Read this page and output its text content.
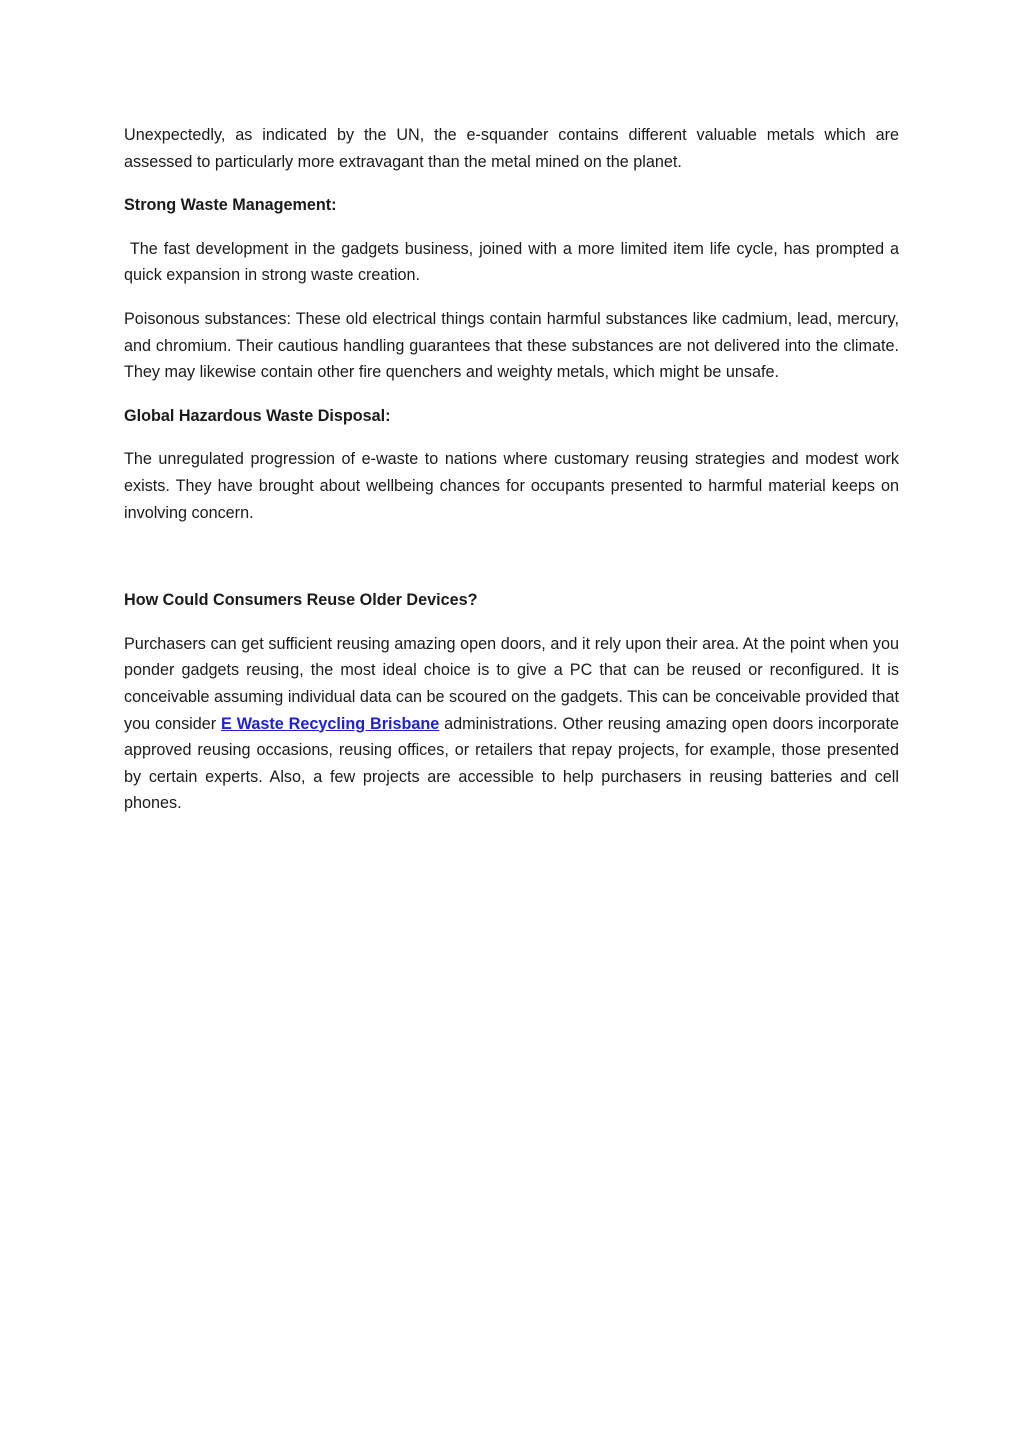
Unexpectedly, as indicated by the UN, the e-squander contains different valuable metals which are assessed to particularly more extravagant than the metal mined on the planet.

Strong Waste Management:

The fast development in the gadgets business, joined with a more limited item life cycle, has prompted a quick expansion in strong waste creation.

Poisonous substances: These old electrical things contain harmful substances like cadmium, lead, mercury, and chromium. Their cautious handling guarantees that these substances are not delivered into the climate. They may likewise contain other fire quenchers and weighty metals, which might be unsafe.

Global Hazardous Waste Disposal:

The unregulated progression of e-waste to nations where customary reusing strategies and modest work exists. They have brought about wellbeing chances for occupants presented to harmful material keeps on involving concern.

How Could Consumers Reuse Older Devices?

Purchasers can get sufficient reusing amazing open doors, and it rely upon their area. At the point when you ponder gadgets reusing, the most ideal choice is to give a PC that can be reused or reconfigured. It is conceivable assuming individual data can be scoured on the gadgets. This can be conceivable provided that you consider E Waste Recycling Brisbane administrations. Other reusing amazing open doors incorporate approved reusing occasions, reusing offices, or retailers that repay projects, for example, those presented by certain experts. Also, a few projects are accessible to help purchasers in reusing batteries and cell phones.
